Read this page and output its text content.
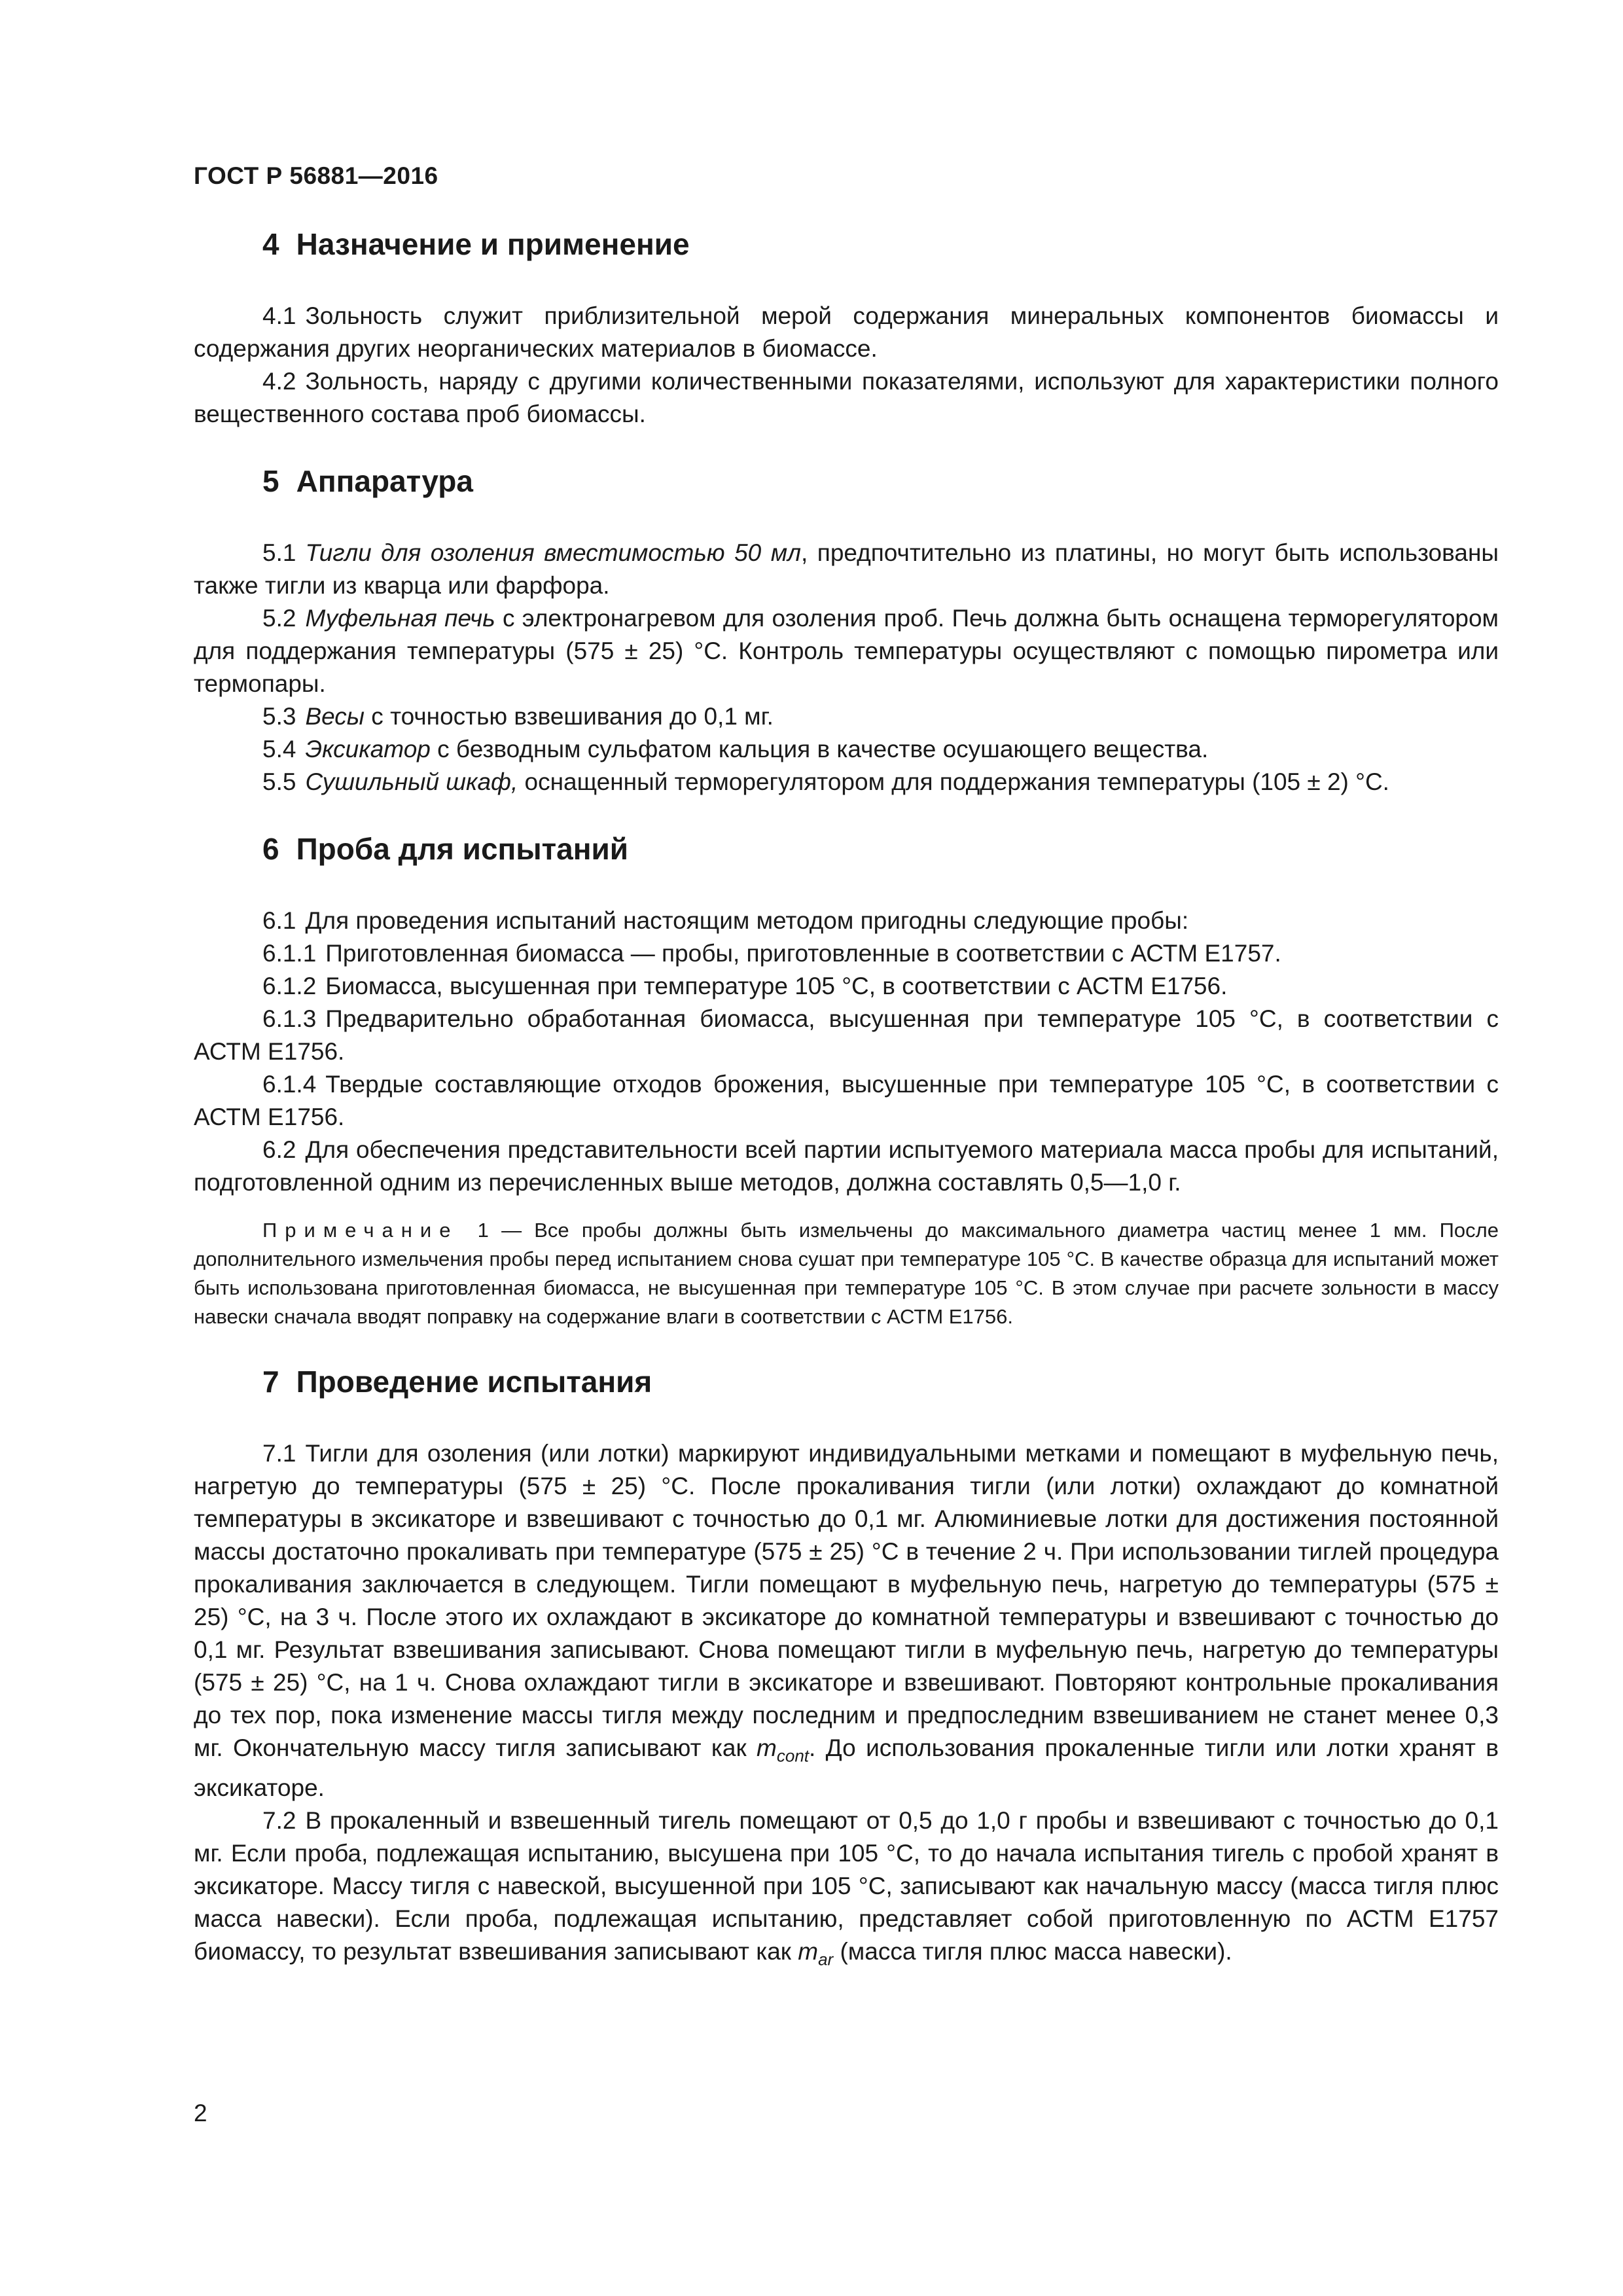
ГОСТ Р 56881—2016
4 Назначение и применение

4.1 Зольность служит приблизительной мерой содержания минеральных компонентов биомассы и содержания других неорганических материалов в биомассе.

4.2 Зольность, наряду с другими количественными показателями, используют для характеристики полного вещественного состава проб биомассы.

5 Аппаратура

5.1 Тигли для озоления вместимостью 50 мл, предпочтительно из платины, но могут быть использованы также тигли из кварца или фарфора.

5.2 Муфельная печь с электронагревом для озоления проб. Печь должна быть оснащена терморегулятором для поддержания температуры (575 ± 25) °C. Контроль температуры осуществляют с помощью пирометра или термопары.

5.3 Весы с точностью взвешивания до 0,1 мг.

5.4 Эксикатор с безводным сульфатом кальция в качестве осушающего вещества.

5.5 Сушильный шкаф, оснащенный терморегулятором для поддержания температуры (105 ± 2) °C.

6 Проба для испытаний

6.1 Для проведения испытаний настоящим методом пригодны следующие пробы:

6.1.1 Приготовленная биомасса — пробы, приготовленные в соответствии с АСТМ Е1757.

6.1.2 Биомасса, высушенная при температуре 105 °C, в соответствии с АСТМ Е1756.

6.1.3 Предварительно обработанная биомасса, высушенная при температуре 105 °C, в соответствии с АСТМ Е1756.

6.1.4 Твердые составляющие отходов брожения, высушенные при температуре 105 °C, в соответствии с АСТМ Е1756.

6.2 Для обеспечения представительности всей партии испытуемого материала масса пробы для испытаний, подготовленной одним из перечисленных выше методов, должна составлять 0,5—1,0 г.

Примечание 1 — Все пробы должны быть измельчены до максимального диаметра частиц менее 1 мм. После дополнительного измельчения пробы перед испытанием снова сушат при температуре 105 °C. В качестве образца для испытаний может быть использована приготовленная биомасса, не высушенная при температуре 105 °C. В этом случае при расчете зольности в массу навески сначала вводят поправку на содержание влаги в соответствии с АСТМ Е1756.
7 Проведение испытания

7.1 Тигли для озоления (или лотки) маркируют индивидуальными метками и помещают в муфельную печь, нагретую до температуры (575 ± 25) °C. После прокаливания тигли (или лотки) охлаждают до комнатной температуры в эксикаторе и взвешивают с точностью до 0,1 мг. Алюминиевые лотки для достижения постоянной массы достаточно прокаливать при температуре (575 ± 25) °C в течение 2 ч. При использовании тиглей процедура прокаливания заключается в следующем. Тигли помещают в муфельную печь, нагретую до температуры (575 ± 25) °C, на 3 ч. После этого их охлаждают в эксикаторе до комнатной температуры и взвешивают с точностью до 0,1 мг. Результат взвешивания записывают. Снова помещают тигли в муфельную печь, нагретую до температуры (575 ± 25) °C, на 1 ч. Снова охлаждают тигли в эксикаторе и взвешивают. Повторяют контрольные прокаливания до тех пор, пока изменение массы тигля между последним и предпоследним взвешиванием не станет менее 0,3 мг. Окончательную массу тигля записывают как $m_{cont}$. До использования прокаленные тигли или лотки хранят в эксикаторе.

7.2 В прокаленный и взвешенный тигель помещают от 0,5 до 1,0 г пробы и взвешивают с точностью до 0,1 мг. Если проба, подлежащая испытанию, высушена при 105 °C, то до начала испытания тигель с пробой хранят в эксикаторе. Массу тигля с навеской, высушенной при 105 °C, записывают как начальную массу (масса тигля плюс масса навески). Если проба, подлежащая испытанию, представляет собой приготовленную по АСТМ Е1757 биомассу, то результат взвешивания записывают как $m_{ar}$ (масса тигля плюс масса навески).

2
